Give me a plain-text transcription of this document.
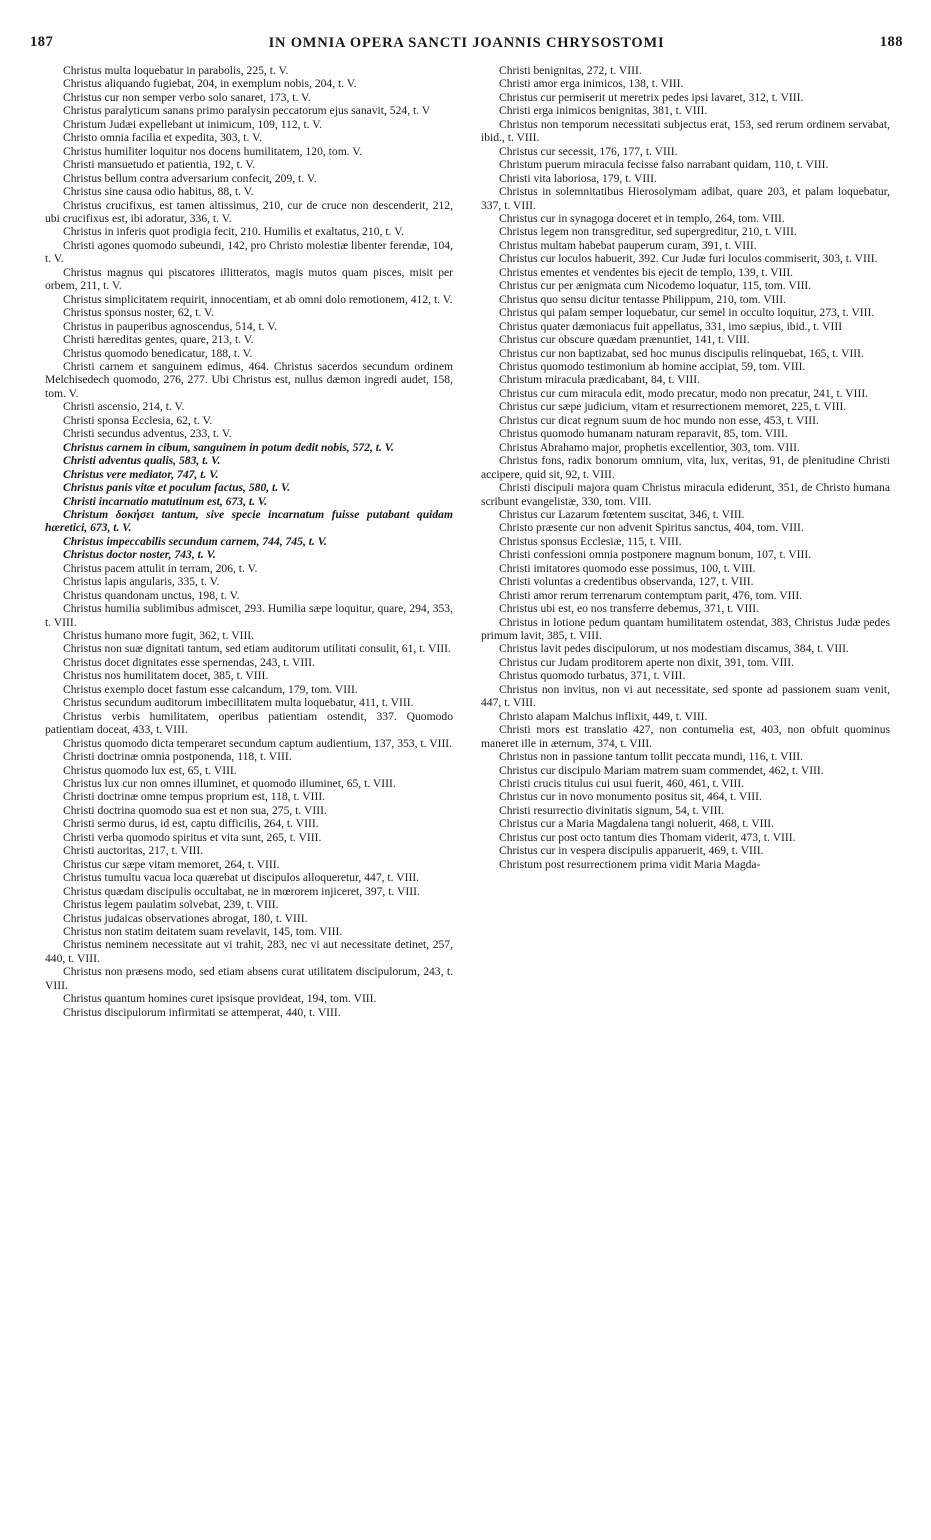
187	IN OMNIA OPERA SANCTI JOANNIS CHRYSOSTOMI	188

Christus multa loquebatur in parabolis, 225, t. V.

Christus aliquando fugiebat, 204, in exemplum nobis, 204, t. V.

Christus cur non semper verbo solo sanaret, 173, t. V.

Christus paralyticum sanans primo paralysin peccatorum ejus sanavit, 524, t. V

Christum Judæi expellebant ut inimicum, 109, 112, t. V.

Christo omnia facilia et expedita, 303, t. V.

Christus humiliter loquitur nos docens humilitatem, 120, tom. V.

Christi mansuetudo et patientia, 192, t. V.

Christus bellum contra adversarium confecit, 209, t. V.

Christus sine causa odio habitus, 88, t. V.

Christus crucifixus, est tamen altissimus, 210, cur de cruce non descenderit, 212, ubi crucifixus est, ibi adoratur, 336, t. V.

Christus in inferis quot prodigia fecit, 210. Humilis et exaltatus, 210, t. V.

Christi agones quomodo subeundi, 142, pro Christo molestiæ libenter ferendæ, 104, t. V.

Christus magnus qui piscatores illitteratos, magis mutos quam pisces, misit per orbem, 211, t. V.

Christus simplicitatem requirit, innocentiam, et ab omni dolo remotionem, 412, t. V.

Christus sponsus noster, 62, t. V.

Christus in pauperibus agnoscendus, 514, t. V.

Christi hæreditas gentes, quare, 213, t. V.

Christus quomodo benedicatur, 188, t. V.

Christi carnem et sanguinem edimus, 464. Christus sacerdos secundum ordinem Melchisedech quomodo, 276, 277. Ubi Christus est, nullus dæmon ingredi audet, 158, tom. V.

Christi ascensio, 214, t. V.

Christi sponsa Ecclesia, 62, t. V.

Christi secundus adventus, 233, t. V.

Christus carnem in cibum, sanguinem in potum dedit nobis, 572, t. V.

Christi adventus qualis, 583, t. V.

Christus vere mediator, 747, t. V.

Christus panis vitæ et poculum factus, 580, t. V.

Christi incarnatio matutinum est, 673, t. V.

Christum δοκήσει tantum, sive specie incarnatum fuisse putabant quidam hæretici, 673, t. V.

Christus impeccabilis secundum carnem, 744, 745, t. V.

Christus doctor noster, 743, t. V.

Christus pacem attulit in terram, 206, t. V.

Christus lapis angularis, 335, t. V.

Christus quandonam unctus, 198, t. V.

Christus humilia sublimibus admiscet, 293. Humilia sæpe loquitur, quare, 294, 353, t. VIII.

Christus humano more fugit, 362, t. VIII.

Christus non suæ dignitati tantum, sed etiam auditorum utilitati consulit, 61, t. VIII.

Christus docet dignitates esse spernendas, 243, t. VIII.

Christus nos humilitatem docet, 385, t. VIII.

Christus exemplo docet fastum esse calcandum, 179, tom. VIII.

Christus secundum auditorum imbecillitatem multa loquebatur, 411, t. VIII.

Christus verbis humilitatem, operibus patientiam ostendit, 337. Quomodo patientiam doceat, 433, t. VIII.

Christus quomodo dicta temperaret secundum captum audientium, 137, 353, t. VIII.

Christi doctrinæ omnia postponenda, 118, t. VIII.

Christus quomodo lux est, 65, t. VIII.

Christus lux cur non omnes illuminet, et quomodo illuminet, 65, t. VIII.

Christi doctrinæ omne tempus proprium est, 118, t. VIII.

Christi doctrina quomodo sua est et non sua, 275, t. VIII.

Christi sermo durus, id est, captu difficilis, 264, t. VIII.

Christi verba quomodo spiritus et vita sunt, 265, t. VIII.

Christi auctoritas, 217, t. VIII.

Christus cur sæpe vitam memoret, 264, t. VIII.

Christus tumultu vacua loca quærebat ut discipulos alloqueretur, 447, t. VIII.

Christus quædam discipulis occultabat, ne in mœrorem injiceret, 397, t. VIII.

Christus legem paulatim solvebat, 239, t. VIII.

Christus judaicas observationes abrogat, 180, t. VIII.

Christus non statim deitatem suam revelavit, 145, tom. VIII.

Christus neminem necessitate aut vi trahit, 283, nec vi aut necessitate detinet, 257, 440, t. VIII.

Christus non præsens modo, sed etiam absens curat utilitatem discipulorum, 243, t. VIII.

Christus quantum homines curet ipsisque provideat, 194, tom. VIII.

Christus discipulorum infirmitati se attemperat, 440, t. VIII.

Christi benignitas, 272, t. VIII.

Christi amor erga inimicos, 138, t. VIII.

Christus cur permiserit ut meretrix pedes ipsi lavaret, 312, t. VIII.

Christi erga inimicos benignitas, 381, t. VIII.

Christus non temporum necessitati subjectus erat, 153, sed rerum ordinem servabat, ibid., t. VIII.

Christus cur secessit, 176, 177, t. VIII.

Christum puerum miracula fecisse falso narrabant quidam, 110, t. VIII.

Christi vita laboriosa, 179, t. VIII.

Christus in solemnitatibus Hierosolymam adibat, quare 203, et palam loquebatur, 337, t. VIII.

Christus cur in synagoga doceret et in templo, 264, tom. VIII.

Christus legem non transgreditur, sed supergreditur, 210, t. VIII.

Christus multam habebat pauperum curam, 391, t. VIII.

Christus cur loculos habuerit, 392. Cur Judæ furi loculos commiserit, 303, t. VIII.

Christus ementes et vendentes bis ejecit de templo, 139, t. VIII.

Christus cur per ænigmata cum Nicodemo loquatur, 115, tom. VIII.

Christus quo sensu dicitur tentasse Philippum, 210, tom. VIII.

Christus qui palam semper loquebatur, cur semel in occulto loquitur, 273, t. VIII.

Christus quater dæmoniacus fuit appellatus, 331, imo sæpius, ibid., t. VIII

Christus cur obscure quædam prænuntiet, 141, t. VIII.

Christus cur non baptizabat, sed hoc munus discipulis relinquebat, 165, t. VIII.

Christus quomodo testimonium ab homine accipiat, 59, tom. VIII.

Christum miracula prædicabant, 84, t. VIII.

Christus cur cum miracula edit, modo precatur, modo non precatur, 241, t. VIII.

Christus cur sæpe judicium, vitam et resurrectionem memoret, 225, t. VIII.

Christus cur dicat regnum suum de hoc mundo non esse, 453, t. VIII.

Christus quomodo humanam naturam reparavit, 85, tom. VIII.

Christus Abrahamo major, prophetis excellentior, 303, tom. VIII.

Christus fons, radix bonorum omnium, vita, lux, veritas, 91, de plenitudine Christi accipere, quid sit, 92, t. VIII.

Christi discipuli majora quam Christus miracula ediderunt, 351, de Christo humana scribunt evangelistæ, 330, tom. VIII.

Christus cur Lazarum fœtentem suscitat, 346, t. VIII.

Christo præsente cur non advenit Spiritus sanctus, 404, tom. VIII.

Christus sponsus Ecclesiæ, 115, t. VIII.

Christi confessioni omnia postponere magnum bonum, 107, t. VIII.

Christi imitatores quomodo esse possimus, 100, t. VIII.

Christi voluntas a credentibus observanda, 127, t. VIII.

Christi amor rerum terrenarum contemptum parit, 476, tom. VIII.

Christus ubi est, eo nos transferre debemus, 371, t. VIII.

Christus in lotione pedum quantam humilitatem ostendat, 383, Christus Judæ pedes primum lavit, 385, t. VIII.

Christus lavit pedes discipulorum, ut nos modestiam discamus, 384, t. VIII.

Christus cur Judam proditorem aperte non dixit, 391, tom. VIII.

Christus quomodo turbatus, 371, t. VIII.

Christus non invitus, non vi aut necessitate, sed sponte ad passionem suam venit, 447, t. VIII.

Christo alapam Malchus inflixit, 449, t. VIII.

Christi mors est translatio 427, non contumelia est, 403, non obfuit quominus maneret ille in æternum, 374, t. VIII.

Christus non in passione tantum tollit peccata mundi, 116, t. VIII.

Christus cur discipulo Mariam matrem suam commendet, 462, t. VIII.

Christi crucis titulus cui usui fuerit, 460, 461, t. VIII.

Christus cur in novo monumento positus sit, 464, t. VIII.

Christi resurrectio divinitatis signum, 54, t. VIII.

Christus cur a Maria Magdalena tangi noluerit, 468, t. VIII.

Christus cur post octo tantum dies Thomam viderit, 473, t. VIII.

Christus cur in vespera discipulis apparuerit, 469, t. VIII.

Christum post resurrectionem prima vidit Maria Magda-
